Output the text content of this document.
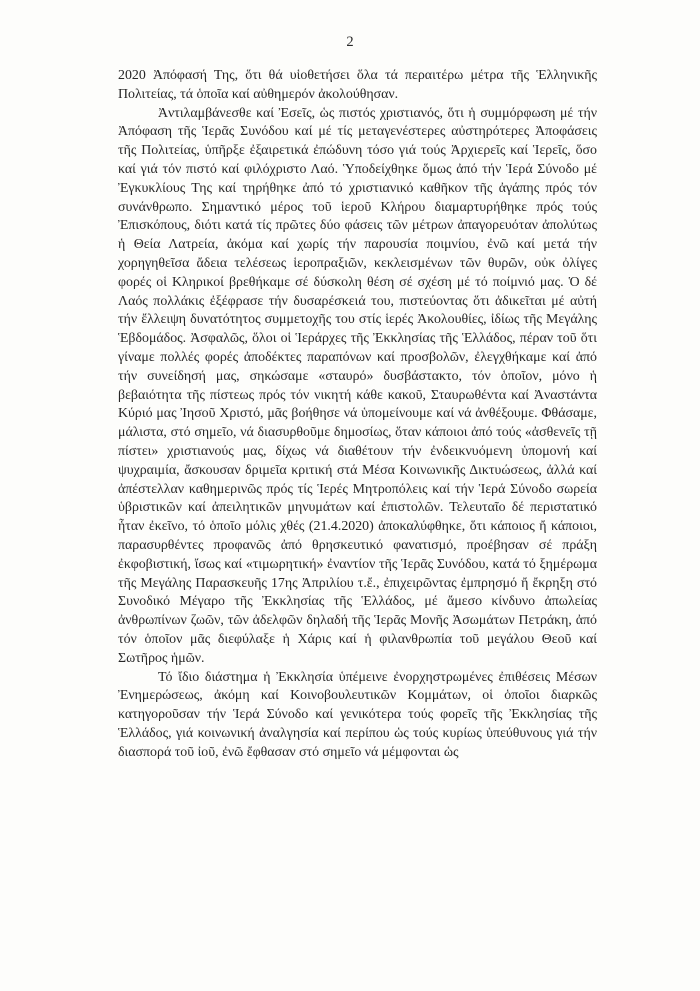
2

2020 Ἀπόφασή Της, ὅτι θά υἱοθετήσει ὅλα τά περαιτέρω μέτρα τῆς Ἑλληνικῆς Πολιτείας, τά ὁποῖα καί αὐθημερόν ἀκολούθησαν.

Ἀντιλαμβάνεσθε καί Ἐσεῖς, ὡς πιστός χριστιανός, ὅτι ἡ συμμόρφωση μέ τήν Ἀπόφαση τῆς Ἱερᾶς Συνόδου καί μέ τίς μεταγενέστερες αὐστηρότερες Ἀποφάσεις τῆς Πολιτείας, ὑπῆρξε ἐξαιρετικά ἐπώδυνη τόσο γιά τούς Ἀρχιερεῖς καί Ἱερεῖς, ὅσο καί γιά τόν πιστό καί φιλόχριστο Λαό. Ὑποδείχθηκε ὅμως ἀπό τήν Ἱερά Σύνοδο μέ Ἐγκυκλίους Της καί τηρήθηκε ἀπό τό χριστιανικό καθῆκον τῆς ἀγάπης πρός τόν συνάνθρωπο. Σημαντικό μέρος τοῦ ἱεροῦ Κλήρου διαμαρτυρήθηκε πρός τούς Ἐπισκόπους, διότι κατά τίς πρῶτες δύο φάσεις τῶν μέτρων ἀπαγορευόταν ἀπολύτως ἡ Θεία Λατρεία, ἀκόμα καί χωρίς τήν παρουσία ποιμνίου, ἐνῶ καί μετά τήν χορηγηθεῖσα ἄδεια τελέσεως ἱεροπραξιῶν, κεκλεισμένων τῶν θυρῶν, οὐκ ὀλίγες φορές οἱ Κληρικοί βρεθήκαμε σέ δύσκολη θέση σέ σχέση μέ τό ποίμνιό μας. Ὁ δέ Λαός πολλάκις ἐξέφρασε τήν δυσαρέσκειά του, πιστεύοντας ὅτι ἀδικεῖται μέ αὐτή τήν ἔλλειψη δυνατότητος συμμετοχῆς του στίς ἱερές Ἀκολουθίες, ἰδίως τῆς Μεγάλης Ἑβδομάδος. Ἀσφαλῶς, ὅλοι οἱ Ἱεράρχες τῆς Ἐκκλησίας τῆς Ἑλλάδος, πέραν τοῦ ὅτι γίναμε πολλές φορές ἀποδέκτες παραπόνων καί προσβολῶν, ἐλεγχθήκαμε καί ἀπό τήν συνείδησή μας, σηκώσαμε «σταυρό» δυσβάστακτο, τόν ὁποῖον, μόνο ἡ βεβαιότητα τῆς πίστεως πρός τόν νικητή κάθε κακοῦ, Σταυρωθέντα καί Ἀναστάντα Κύριό μας Ἰησοῦ Χριστό, μᾶς βοήθησε νά ὑπομείνουμε καί νά ἀνθέξουμε. Φθάσαμε, μάλιστα, στό σημεῖο, νά διασυρθοῦμε δημοσίως, ὅταν κάποιοι ἀπό τούς «ἀσθενεῖς τῇ πίστει» χριστιανούς μας, δίχως νά διαθέτουν τήν ἐνδεικνυόμενη ὑπομονή καί ψυχραιμία, ἄσκουσαν δριμεῖα κριτική στά Μέσα Κοινωνικῆς Δικτυώσεως, ἀλλά καί ἀπέστελλαν καθημερινῶς πρός τίς Ἱερές Μητροπόλεις καί τήν Ἱερά Σύνοδο σωρεία ὑβριστικῶν καί ἀπειλητικῶν μηνυμάτων καί ἐπιστολῶν. Τελευταῖο δέ περιστατικό ἦταν ἐκεῖνο, τό ὁποῖο μόλις χθές (21.4.2020) ἀποκαλύφθηκε, ὅτι κάποιος ἤ κάποιοι, παρασυρθέντες προφανῶς ἀπό θρησκευτικό φανατισμό, προέβησαν σέ πράξη ἐκφοβιστική, ἴσως καί «τιμωρητική» ἐναντίον τῆς Ἱερᾶς Συνόδου, κατά τό ξημέρωμα τῆς Μεγάλης Παρασκευῆς 17ης Ἀπριλίου τ.ἔ., ἐπιχειρῶντας ἐμπρησμό ἤ ἔκρηξη στό Συνοδικό Μέγαρο τῆς Ἐκκλησίας τῆς Ἑλλάδος, μέ ἄμεσο κίνδυνο ἀπωλείας ἀνθρωπίνων ζωῶν, τῶν ἀδελφῶν δηλαδή τῆς Ἱερᾶς Μονῆς Ἀσωμάτων Πετράκη, ἀπό τόν ὁποῖον μᾶς διεφύλαξε ἡ Χάρις καί ἡ φιλανθρωπία τοῦ μεγάλου Θεοῦ καί Σωτῆρος ἡμῶν.

Τό ἴδιο διάστημα ἡ Ἐκκλησία ὑπέμεινε ἐνορχηστρωμένες ἐπιθέσεις Μέσων Ἐνημερώσεως, ἀκόμη καί Κοινοβουλευτικῶν Κομμάτων, οἱ ὁποῖοι διαρκῶς κατηγοροῦσαν τήν Ἱερά Σύνοδο καί γενικότερα τούς φορεῖς τῆς Ἐκκλησίας τῆς Ἑλλάδος, γιά κοινωνική ἀναλγησία καί περίπου ὡς τούς κυρίως ὑπεύθυνους γιά τήν διασπορά τοῦ ἰοῦ, ἐνῶ ἔφθασαν στό σημεῖο νά μέμφονται ὡς
